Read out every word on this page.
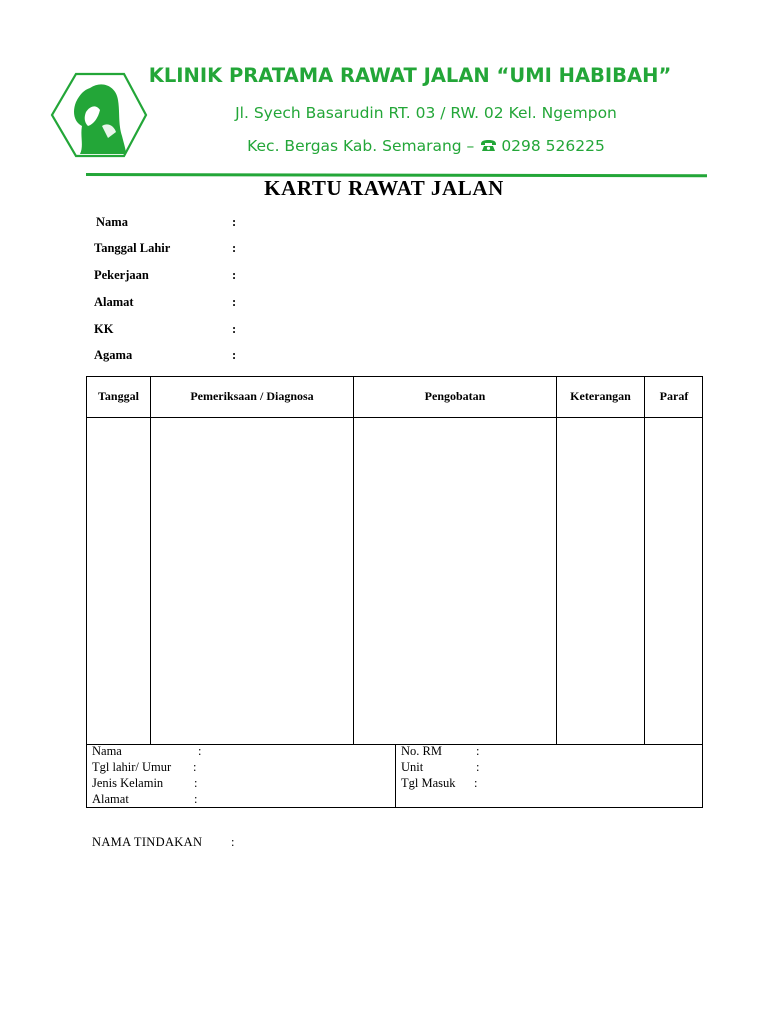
KLINIK PRATAMA RAWAT JALAN “UMI HABIBAH”
Jl. Syech Basarudin RT. 03 / RW. 02 Kel. Ngempon
Kec. Bergas Kab. Semarang – 0298 526225
KARTU RAWAT JALAN
Nama	:
Tanggal Lahir	:
Pekerjaan	:
Alamat	:
KK	:
Agama	:
Tanggal	Pemeriksaan / Diagnosa	Pengobatan	Keterangan	Paraf
Nama	:
Tgl lahir/ Umur :
Jenis Kelamin :
Alamat	:
No. RM	:
Unit	:
Tgl Masuk :
NAMA TINDAKAN :
